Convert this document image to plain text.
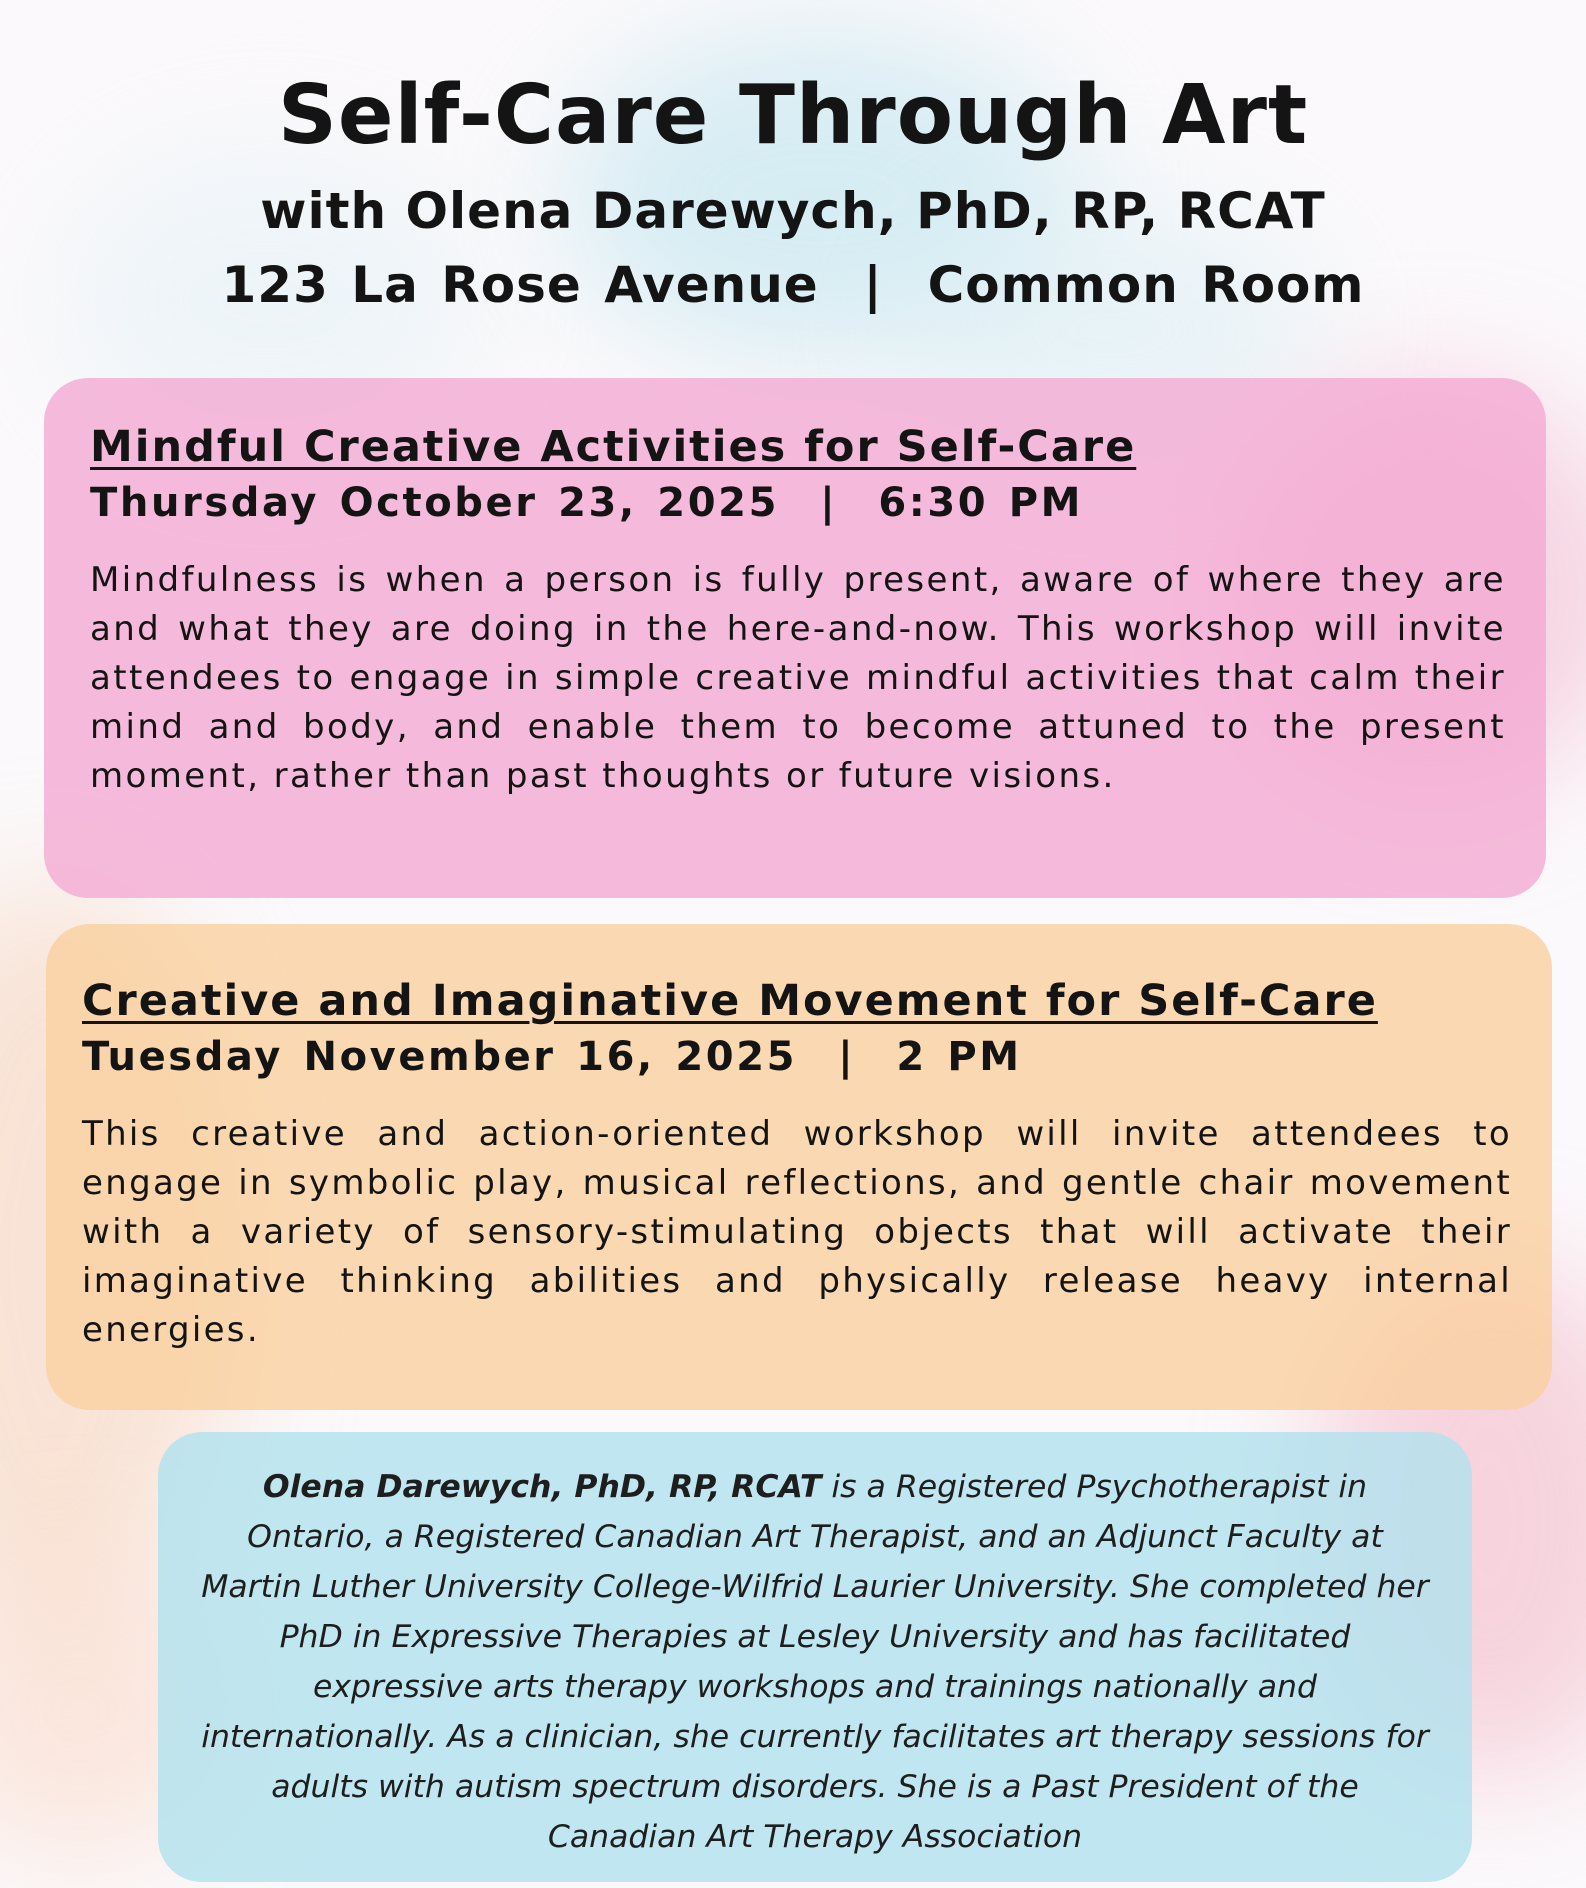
Self-Care Through Art
with Olena Darewych, PhD, RP, RCAT
123 La Rose Avenue  |  Common Room
Mindful Creative Activities for Self-Care
Thursday October 23, 2025  |  6:30 PM
Mindfulness is when a person is fully present, aware of where they are and what they are doing in the here-and-now. This workshop will invite attendees to engage in simple creative mindful activities that calm their mind and body, and enable them to become attuned to the present moment, rather than past thoughts or future visions.
Creative and Imaginative Movement for Self-Care
Tuesday November 16, 2025  |  2 PM
This creative and action-oriented workshop will invite attendees to engage in symbolic play, musical reflections, and gentle chair movement with a variety of sensory-stimulating objects that will activate their imaginative thinking abilities and physically release heavy internal energies.
Olena Darewych, PhD, RP, RCAT is a Registered Psychotherapist in Ontario, a Registered Canadian Art Therapist, and an Adjunct Faculty at Martin Luther University College-Wilfrid Laurier University. She completed her PhD in Expressive Therapies at Lesley University and has facilitated expressive arts therapy workshops and trainings nationally and internationally. As a clinician, she currently facilitates art therapy sessions for adults with autism spectrum disorders. She is a Past President of the Canadian Art Therapy Association
